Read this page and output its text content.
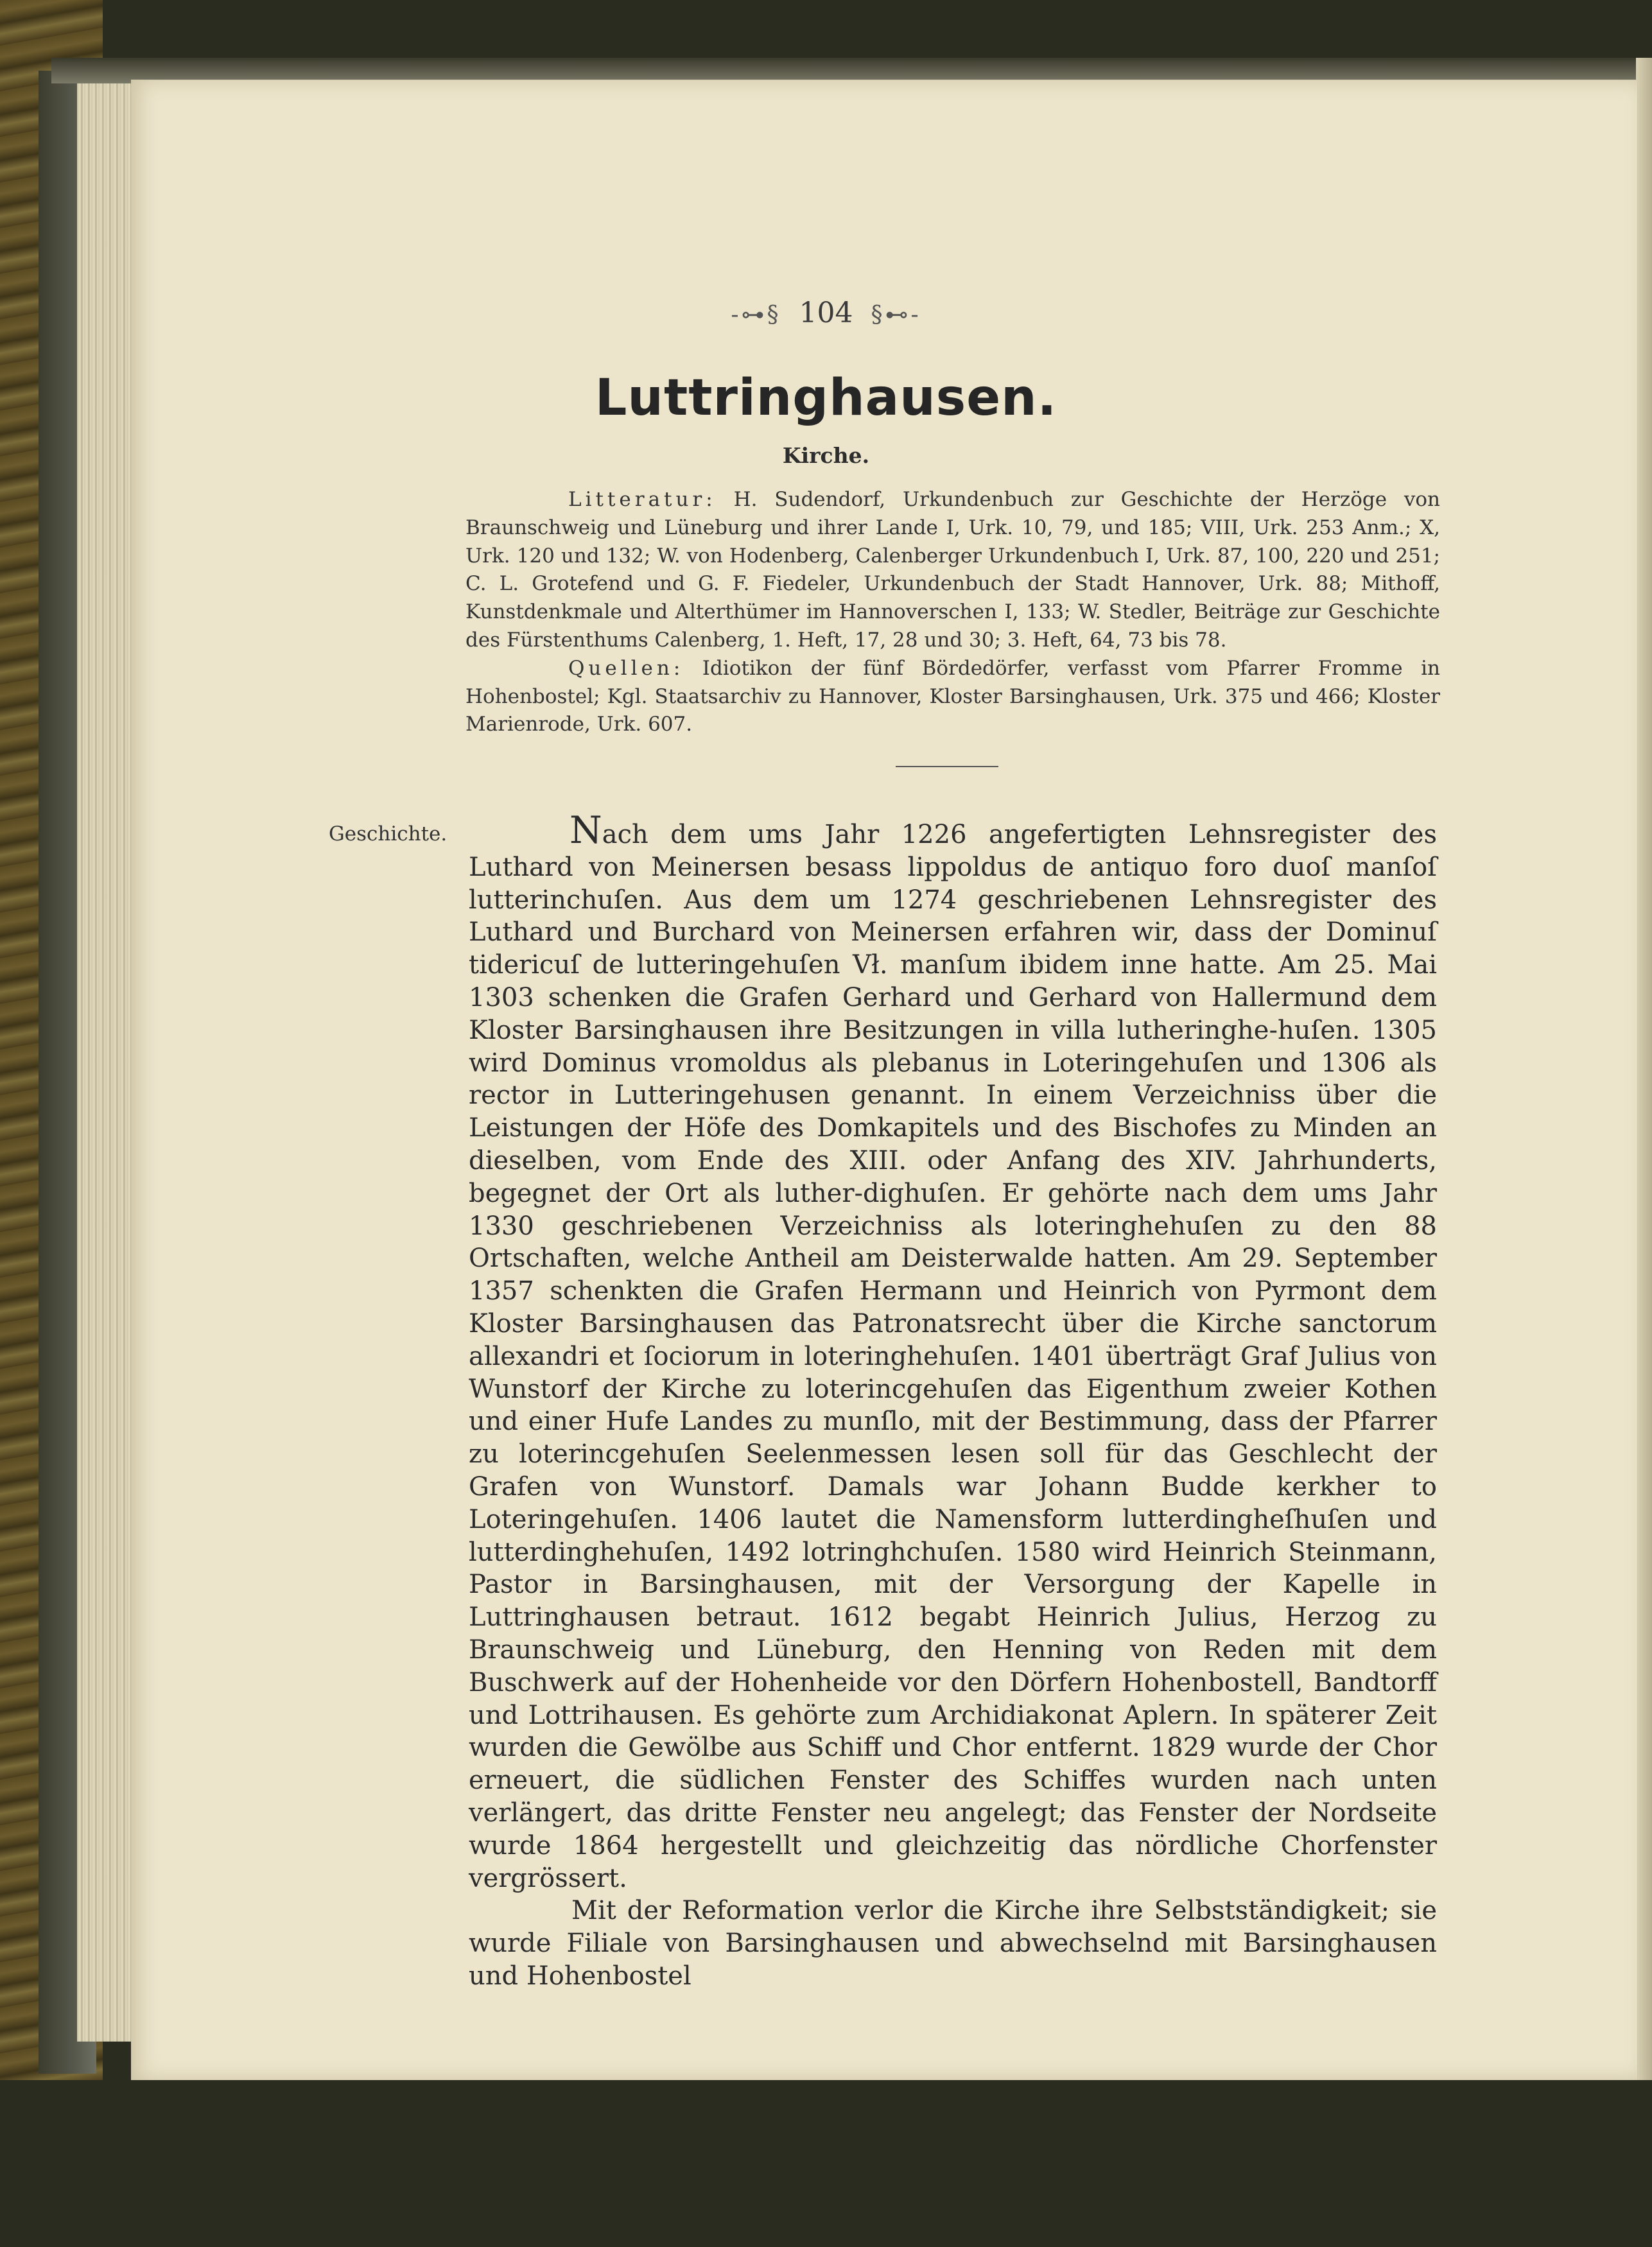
-⊶§ 104 §⊷-
Luttringhausen.
Kirche.

Litteratur: H. Sudendorf, Urkundenbuch zur Geschichte der Herzöge von Braunschweig und Lüneburg und ihrer Lande I, Urk. 10, 79, und 185; VIII, Urk. 253 Anm.; X, Urk. 120 und 132; W. von Hodenberg, Calenberger Urkundenbuch I, Urk. 87, 100, 220 und 251; C. L. Grotefend und G. F. Fiedeler, Urkundenbuch der Stadt Hannover, Urk. 88; Mithoff, Kunstdenkmale und Alterthümer im Hannoverschen I, 133; W. Stedler, Beiträge zur Geschichte des Fürstenthums Calenberg, 1. Heft, 17, 28 und 30; 3. Heft, 64, 73 bis 78.

Quellen: Idiotikon der fünf Bördedörfer, verfasst vom Pfarrer Fromme in Hohenbostel; Kgl. Staatsarchiv zu Hannover, Kloster Barsinghausen, Urk. 375 und 466; Kloster Marienrode, Urk. 607.

Geschichte.	Nach dem ums Jahr 1226 angefertigten Lehnsregister des Luthard von Meinersen besass lippoldus de antiquo foro duoſ manſoſ lutterinchuſen. Aus dem um 1274 geschriebenen Lehnsregister des Luthard und Burchard von Meinersen erfahren wir, dass der Dominuſ tidericuſ de lutteringehuſen Vł. manſum ibidem inne hatte. Am 25. Mai 1303 schenken die Grafen Gerhard und Gerhard von Hallermund dem Kloster Barsinghausen ihre Besitzungen in villa lutheringhe-huſen. 1305 wird Dominus vromoldus als plebanus in Loteringehuſen und 1306 als rector in Lutteringehusen genannt. In einem Verzeichniss über die Leistungen der Höfe des Domkapitels und des Bischofes zu Minden an dieselben, vom Ende des XIII. oder Anfang des XIV. Jahrhunderts, begegnet der Ort als luther-dighuſen. Er gehörte nach dem ums Jahr 1330 geschriebenen Verzeichniss als loteringhehuſen zu den 88 Ortschaften, welche Antheil am Deisterwalde hatten. Am 29. September 1357 schenkten die Grafen Hermann und Heinrich von Pyrmont dem Kloster Barsinghausen das Patronatsrecht über die Kirche sanctorum allexandri et ſociorum in loteringhehuſen. 1401 überträgt Graf Julius von Wunstorf der Kirche zu loterincgehuſen das Eigenthum zweier Kothen und einer Hufe Landes zu munſlo, mit der Bestimmung, dass der Pfarrer zu loterincgehuſen Seelenmessen lesen soll für das Geschlecht der Grafen von Wunstorf. Damals war Johann Budde kerkher to Loteringehuſen. 1406 lautet die Namensform lutterdinghеſhuſen und lutterdinghehuſen, 1492 lotringhchuſen. 1580 wird Heinrich Steinmann, Pastor in Barsinghausen, mit der Versorgung der Kapelle in Luttringhausen betraut. 1612 begabt Heinrich Julius, Herzog zu Braunschweig und Lüneburg, den Henning von Reden mit dem Buschwerk auf der Hohenheide vor den Dörfern Hohenbostell, Bandtorff und Lottrihausen. Es gehörte zum Archidiakonat Aplern. In späterer Zeit wurden die Gewölbe aus Schiff und Chor entfernt. 1829 wurde der Chor erneuert, die südlichen Fenster des Schiffes wurden nach unten verlängert, das dritte Fenster neu angelegt; das Fenster der Nordseite wurde 1864 hergestellt und gleichzeitig das nördliche Chorfenster vergrössert.

Mit der Reformation verlor die Kirche ihre Selbstständigkeit; sie wurde Filiale von Barsinghausen und abwechselnd mit Barsinghausen und Hohenbostel
